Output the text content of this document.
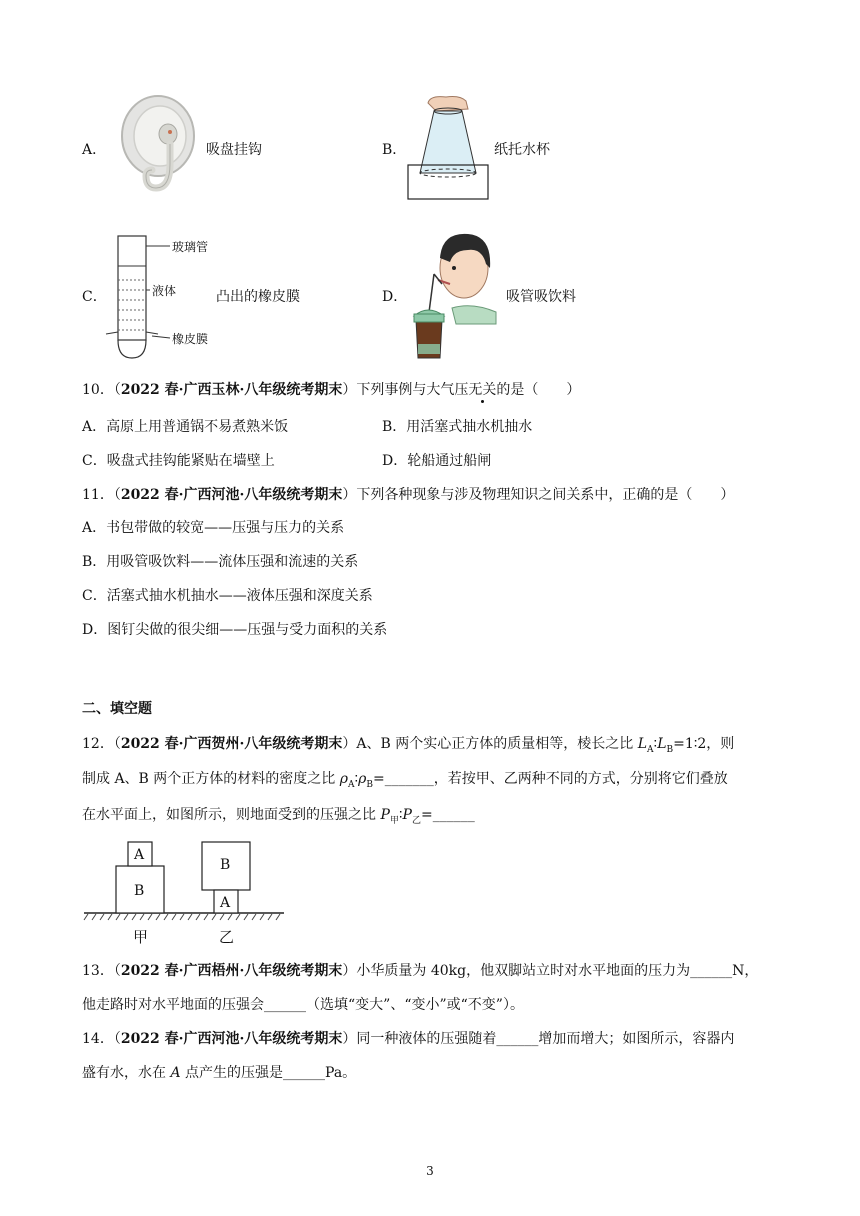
A．	吸盘挂钩	B．	纸托水杯
C．
玻璃管
液体
橡皮膜
凸出的橡皮膜	D．	吸管吸饮料
10．（2022 春·广西玉林·八年级统考期末）下列事例与大气压无关的是（　　）
A．高原上用普通锅不易煮熟米饭	B．用活塞式抽水机抽水
C．吸盘式挂钩能紧贴在墙壁上	D．轮船通过船闸
11．（2022 春·广西河池·八年级统考期末）下列各种现象与涉及物理知识之间关系中，正确的是（　　）
A．书包带做的较宽——压强与压力的关系
B．用吸管吸饮料——流体压强和流速的关系
C．活塞式抽水机抽水——液体压强和深度关系
D．图钉尖做的很尖细——压强与受力面积的关系
二、填空题
12．（2022 春·广西贺州·八年级统考期末）A、B 两个实心正方体的质量相等，棱长之比 $L_A∶L_B=1∶2$，则
制成 A、B 两个正方体的材料的密度之比 $\rho_A∶\rho_B=\_\_\_\_\_\_\_$，若按甲、乙两种不同的方式，分别将它们叠放
在水平面上，如图所示，则地面受到的压强之比 $P_甲∶P_乙=\_\_\_\_\_\_$
A
B
B
A
甲	乙
13．（2022 春·广西梧州·八年级统考期末）小华质量为 40kg，他双脚站立时对水平地面的压力为______N，
他走路时对水平地面的压强会______（选填“变大”、“变小”或“不变”）。
14．（2022 春·广西河池·八年级统考期末）同一种液体的压强随着______增加而增大；如图所示，容器内
盛有水，水在 A 点产生的压强是______Pa。
3
